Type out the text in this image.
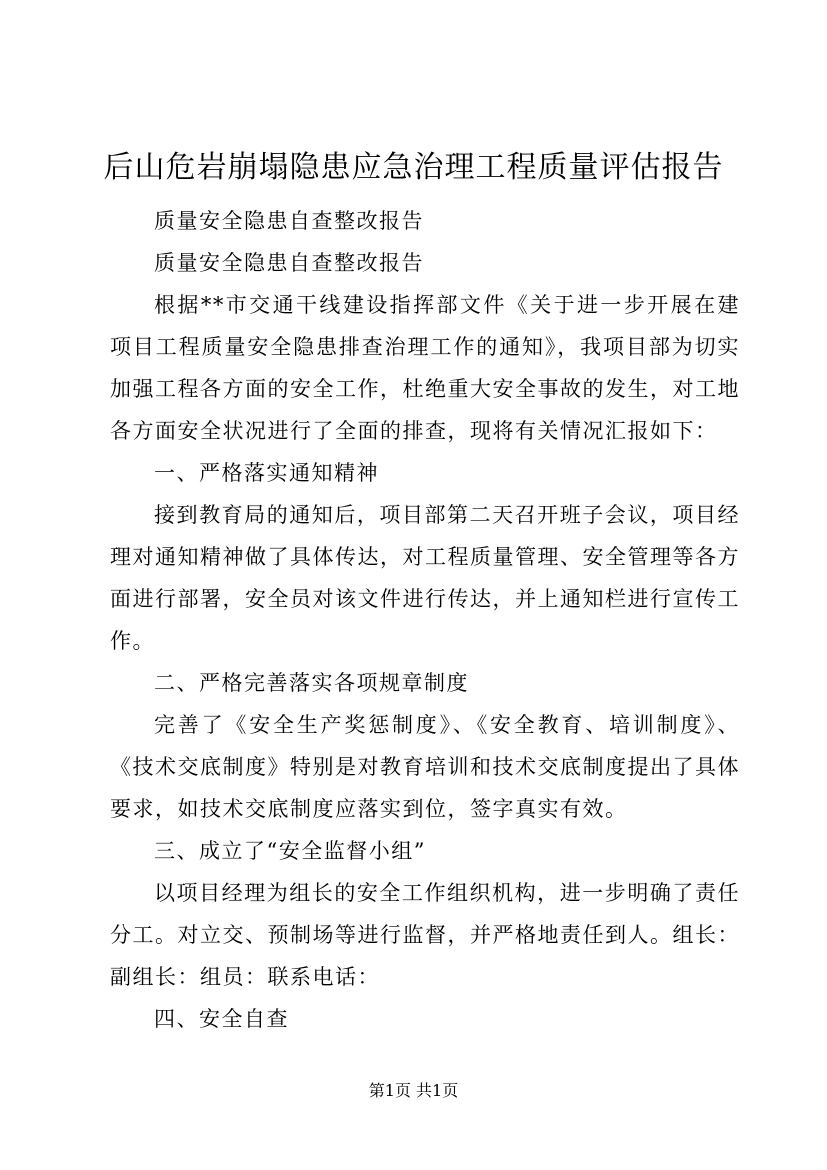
后山危岩崩塌隐患应急治理工程质量评估报告

质量安全隐患自查整改报告

质量安全隐患自查整改报告

根据**市交通干线建设指挥部文件《关于进一步开展在建项目工程质量安全隐患排查治理工作的通知》，我项目部为切实加强工程各方面的安全工作，杜绝重大安全事故的发生，对工地各方面安全状况进行了全面的排查，现将有关情况汇报如下：

一、严格落实通知精神

接到教育局的通知后，项目部第二天召开班子会议，项目经理对通知精神做了具体传达，对工程质量管理、安全管理等各方面进行部署，安全员对该文件进行传达，并上通知栏进行宣传工作。

二、严格完善落实各项规章制度

完善了《安全生产奖惩制度》、《安全教育、培训制度》、《技术交底制度》特别是对教育培训和技术交底制度提出了具体要求，如技术交底制度应落实到位，签字真实有效。

三、成立了“安全监督小组”

以项目经理为组长的安全工作组织机构，进一步明确了责任分工。对立交、预制场等进行监督，并严格地责任到人。组长：副组长：组员：联系电话：

四、安全自查

第1页 共1页
